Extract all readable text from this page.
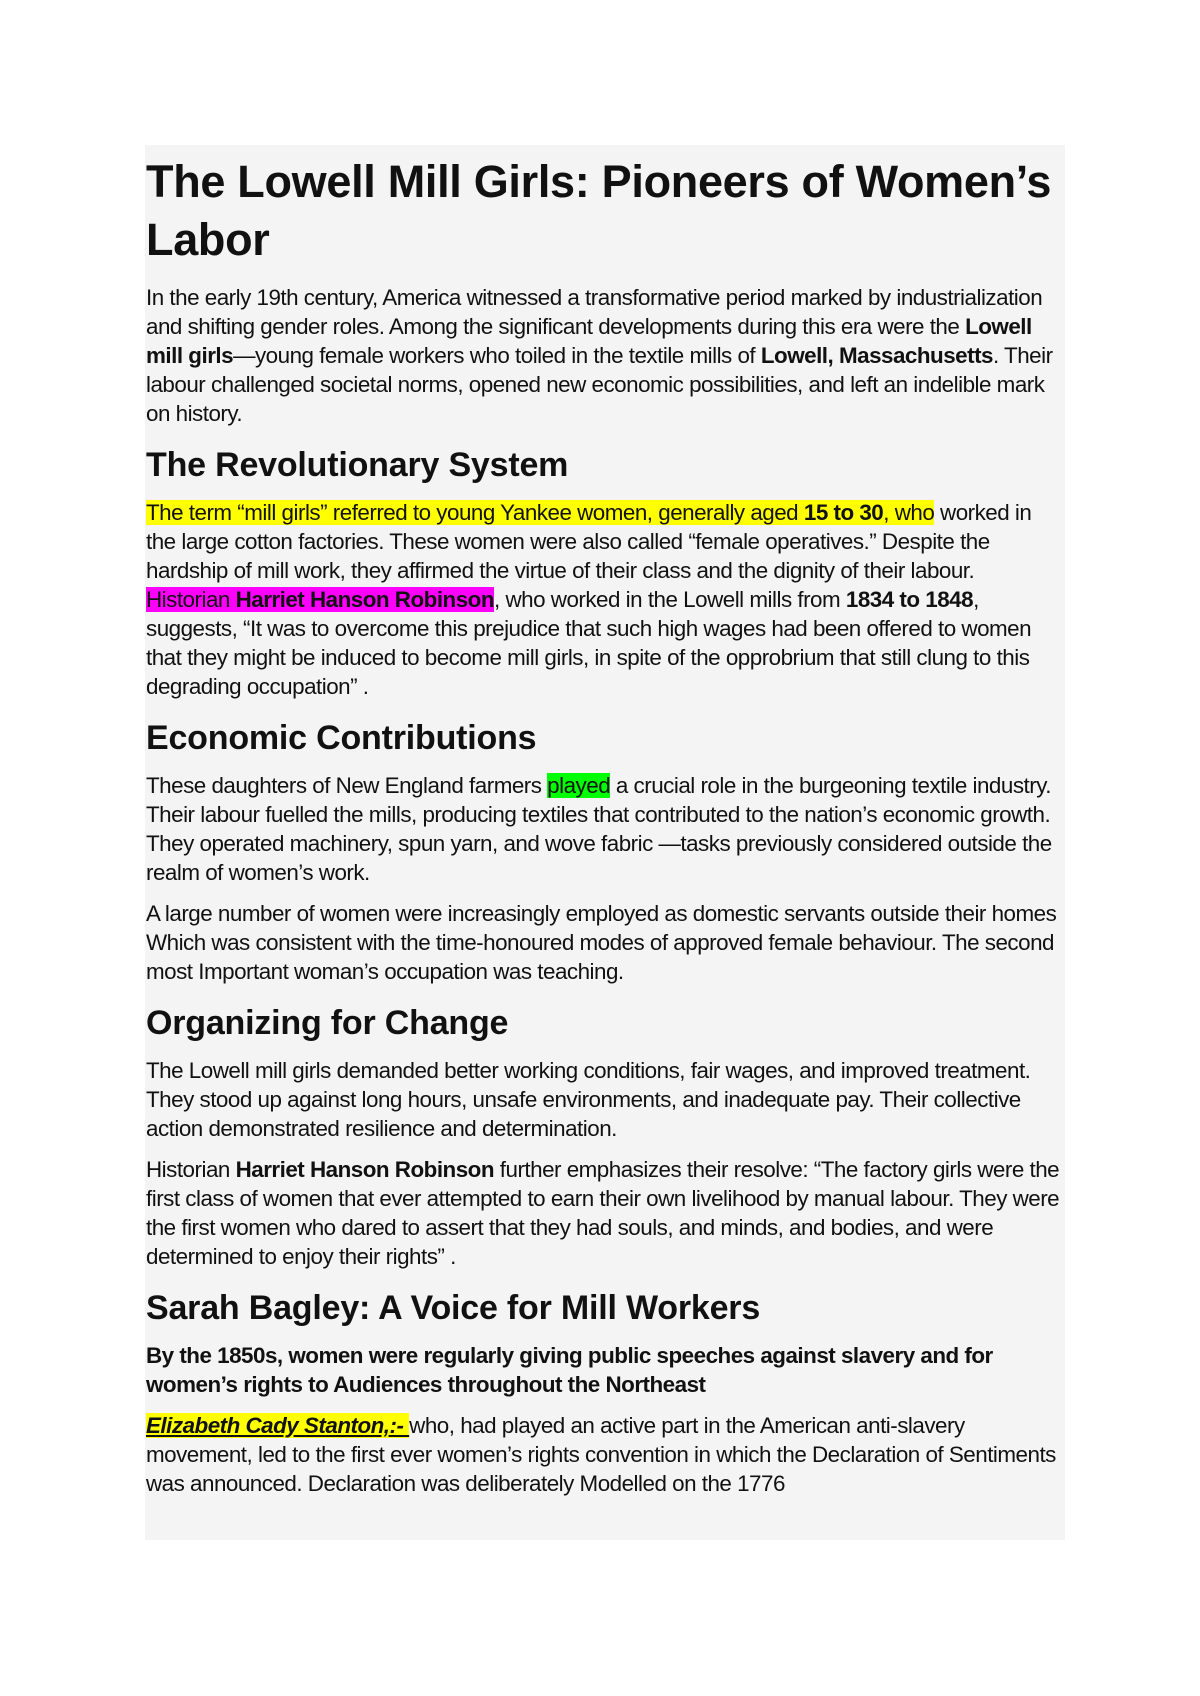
The Lowell Mill Girls: Pioneers of Women’s Labor

In the early 19th century, America witnessed a transformative period marked by industrialization and shifting gender roles. Among the significant developments during this era were the Lowell mill girls—young female workers who toiled in the textile mills of Lowell, Massachusetts. Their labour challenged societal norms, opened new economic possibilities, and left an indelible mark on history.

The Revolutionary System

The term “mill girls” referred to young Yankee women, generally aged 15 to 30, who worked in the large cotton factories. These women were also called “female operatives.” Despite the hardship of mill work, they affirmed the virtue of their class and the dignity of their labour. Historian Harriet Hanson Robinson, who worked in the Lowell mills from 1834 to 1848, suggests, “It was to overcome this prejudice that such high wages had been offered to women that they might be induced to become mill girls, in spite of the opprobrium that still clung to this degrading occupation” .

Economic Contributions

These daughters of New England farmers played a crucial role in the burgeoning textile industry. Their labour fuelled the mills, producing textiles that contributed to the nation’s economic growth. They operated machinery, spun yarn, and wove fabric —tasks previously considered outside the realm of women’s work.

A large number of women were increasingly employed as domestic servants outside their homes Which was consistent with the time-honoured modes of approved female behaviour. The second most Important woman’s occupation was teaching.

Organizing for Change

The Lowell mill girls demanded better working conditions, fair wages, and improved treatment. They stood up against long hours, unsafe environments, and inadequate pay. Their collective action demonstrated resilience and determination.

Historian Harriet Hanson Robinson further emphasizes their resolve: “The factory girls were the first class of women that ever attempted to earn their own livelihood by manual labour. They were the first women who dared to assert that they had souls, and minds, and bodies, and were determined to enjoy their rights” .

Sarah Bagley: A Voice for Mill Workers

By the 1850s, women were regularly giving public speeches against slavery and for women’s rights to Audiences throughout the Northeast

Elizabeth Cady Stanton,:- who, had played an active part in the American anti-slavery movement, led to the first ever women’s rights convention in which the Declaration of Sentiments was announced. Declaration was deliberately Modelled on the 1776
